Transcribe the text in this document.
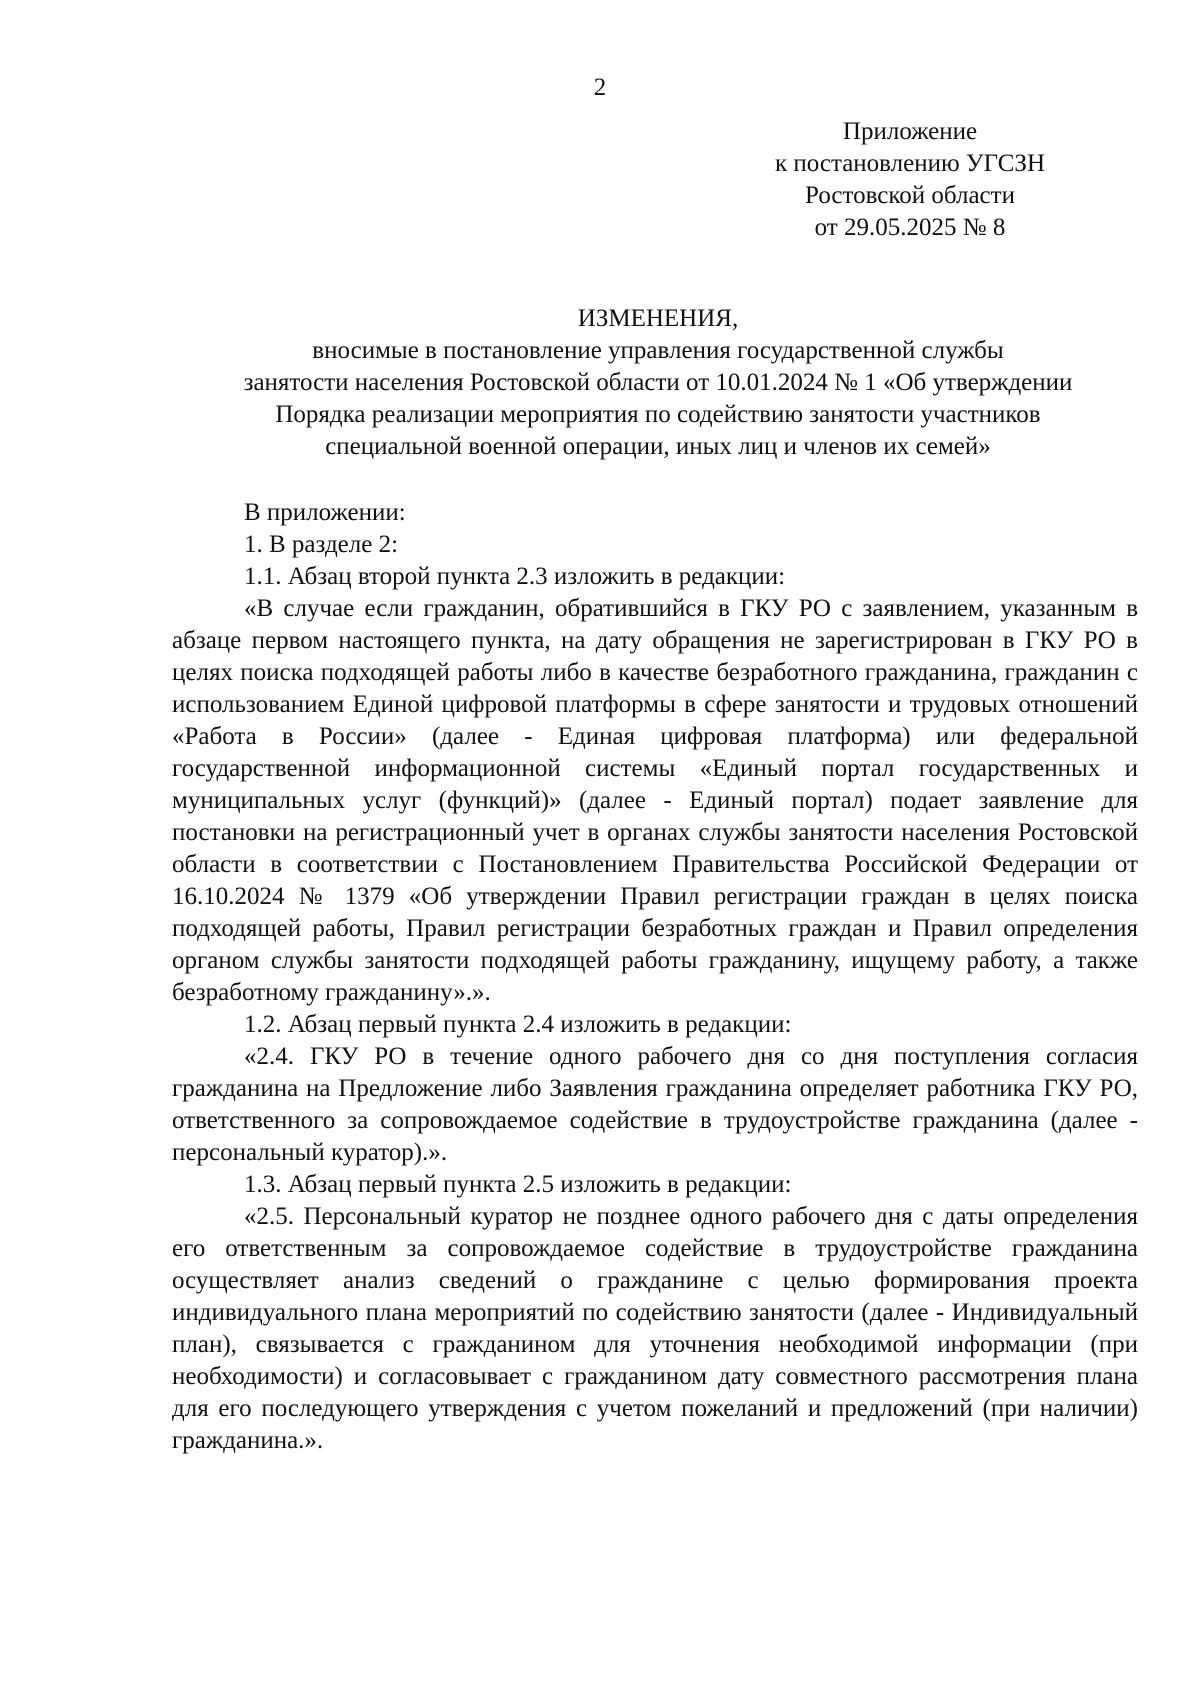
2
Приложение
к постановлению УГСЗН
Ростовской области
от 29.05.2025 № 8
ИЗМЕНЕНИЯ,
вносимые в постановление управления государственной службы
занятости населения Ростовской области от 10.01.2024 № 1 «Об утверждении
Порядка реализации мероприятия по содействию занятости участников
специальной военной операции, иных лиц и членов их семей»
В приложении:
1. В разделе 2:
1.1. Абзац второй пункта 2.3 изложить в редакции:
«В случае если гражданин, обратившийся в ГКУ РО с заявлением, указанным в абзаце первом настоящего пункта, на дату обращения не зарегистрирован в ГКУ РО в целях поиска подходящей работы либо в качестве безработного гражданина, гражданин с использованием Единой цифровой платформы в сфере занятости и трудовых отношений «Работа в России» (далее - Единая цифровая платформа) или федеральной государственной информационной системы «Единый портал государственных и муниципальных услуг (функций)» (далее - Единый портал) подает заявление для постановки на регистрационный учет в органах службы занятости населения Ростовской области в соответствии с Постановлением Правительства Российской Федерации от 16.10.2024 № 1379 «Об утверждении Правил регистрации граждан в целях поиска подходящей работы, Правил регистрации безработных граждан и Правил определения органом службы занятости подходящей работы гражданину, ищущему работу, а также безработному гражданину».».
1.2. Абзац первый пункта 2.4 изложить в редакции:
«2.4. ГКУ РО в течение одного рабочего дня со дня поступления согласия гражданина на Предложение либо Заявления гражданина определяет работника ГКУ РО, ответственного за сопровождаемое содействие в трудоустройстве гражданина (далее - персональный куратор).».
1.3. Абзац первый пункта 2.5 изложить в редакции:
«2.5. Персональный куратор не позднее одного рабочего дня с даты определения его ответственным за сопровождаемое содействие в трудоустройстве гражданина осуществляет анализ сведений о гражданине с целью формирования проекта индивидуального плана мероприятий по содействию занятости (далее - Индивидуальный план), связывается с гражданином для уточнения необходимой информации (при необходимости) и согласовывает с гражданином дату совместного рассмотрения плана для его последующего утверждения с учетом пожеланий и предложений (при наличии) гражданина.».
